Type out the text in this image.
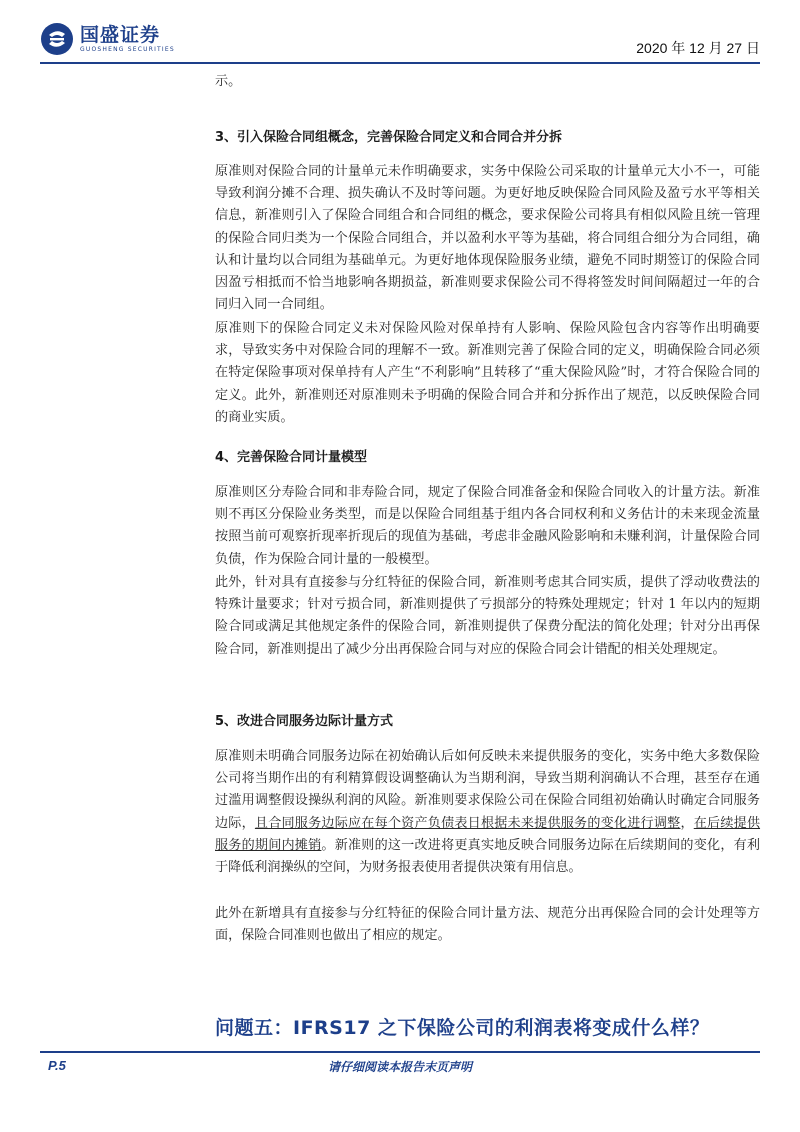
国盛证券
GUOSHENG SECURITIES	2020 年 12 月 27 日

示。

3、引入保险合同组概念，完善保险合同定义和合同合并分拆

原准则对保险合同的计量单元未作明确要求，实务中保险公司采取的计量单元大小不一，可能导致利润分摊不合理、损失确认不及时等问题。为更好地反映保险合同风险及盈亏水平等相关信息，新准则引入了保险合同组合和合同组的概念，要求保险公司将具有相似风险且统一管理的保险合同归类为一个保险合同组合，并以盈利水平等为基础，将合同组合细分为合同组，确认和计量均以合同组为基础单元。为更好地体现保险服务业绩，避免不同时期签订的保险合同因盈亏相抵而不恰当地影响各期损益，新准则要求保险公司不得将签发时间间隔超过一年的合同归入同一合同组。

原准则下的保险合同定义未对保险风险对保单持有人影响、保险风险包含内容等作出明确要求，导致实务中对保险合同的理解不一致。新准则完善了保险合同的定义，明确保险合同必须在特定保险事项对保单持有人产生“不利影响”且转移了“重大保险风险”时，才符合保险合同的定义。此外，新准则还对原准则未予明确的保险合同合并和分拆作出了规范，以反映保险合同的商业实质。

4、完善保险合同计量模型

原准则区分寿险合同和非寿险合同，规定了保险合同准备金和保险合同收入的计量方法。新准则不再区分保险业务类型，而是以保险合同组基于组内各合同权利和义务估计的未来现金流量按照当前可观察折现率折现后的现值为基础，考虑非金融风险影响和未赚利润，计量保险合同负债，作为保险合同计量的一般模型。

此外，针对具有直接参与分红特征的保险合同，新准则考虑其合同实质，提供了浮动收费法的特殊计量要求；针对亏损合同，新准则提供了亏损部分的特殊处理规定；针对 1 年以内的短期险合同或满足其他规定条件的保险合同，新准则提供了保费分配法的简化处理；针对分出再保险合同，新准则提出了减少分出再保险合同与对应的保险合同会计错配的相关处理规定。

5、改进合同服务边际计量方式

原准则未明确合同服务边际在初始确认后如何反映未来提供服务的变化，实务中绝大多数保险公司将当期作出的有利精算假设调整确认为当期利润，导致当期利润确认不合理，甚至存在通过滥用调整假设操纵利润的风险。新准则要求保险公司在保险合同组初始确认时确定合同服务边际，且合同服务边际应在每个资产负债表日根据未来提供服务的变化进行调整，在后续提供服务的期间内摊销。新准则的这一改进将更真实地反映合同服务边际在后续期间的变化，有利于降低利润操纵的空间，为财务报表使用者提供决策有用信息。

此外在新增具有直接参与分红特征的保险合同计量方法、规范分出再保险合同的会计处理等方面，保险合同准则也做出了相应的规定。

问题五：IFRS17 之下保险公司的利润表将变成什么样？
P.5	请仔细阅读本报告末页声明
